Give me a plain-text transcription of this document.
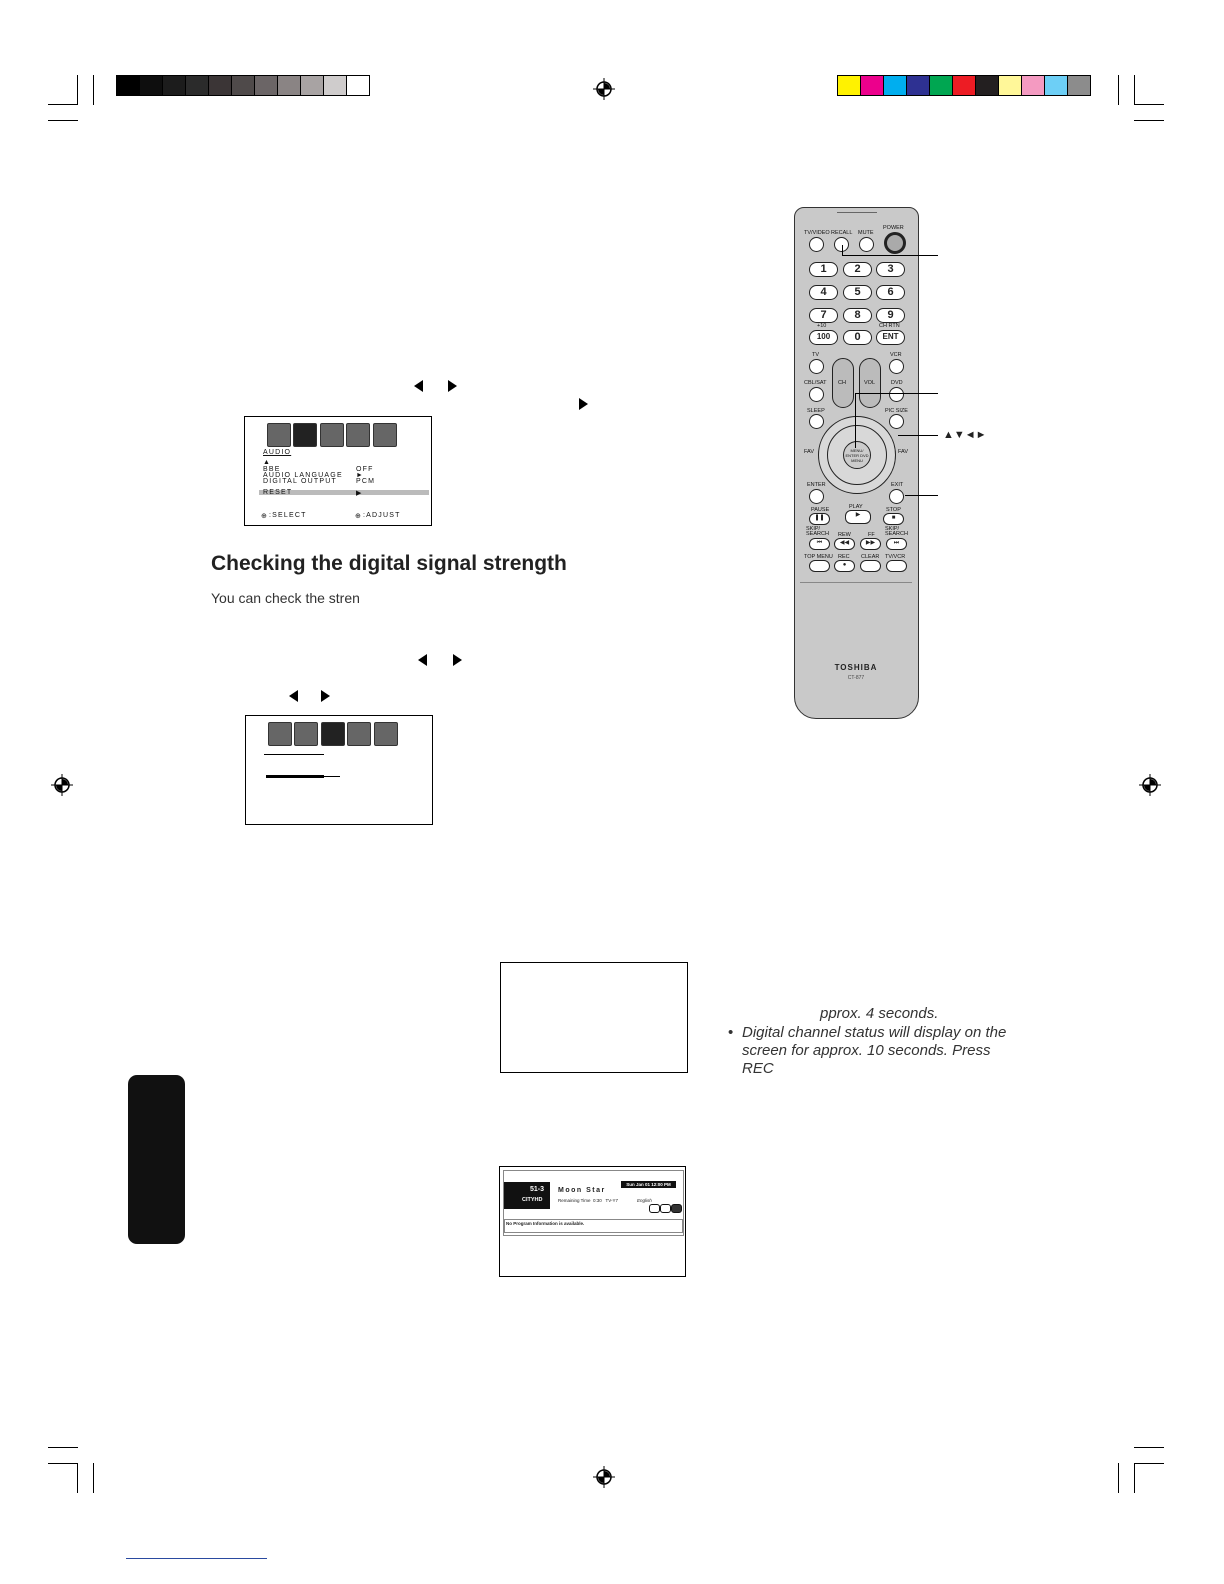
AUDIO
▲
BBE
AUDIO LANGUAGE
DIGITAL OUTPUT
OFF
►
PCM
RESET	▶
:SELECT	:ADJUST
⊕	⊕
Checking the digital signal strength
You can check the stren
51-3
CITYHD
Moon Star
Sun Jan 01 12:00 PM
Remaining Time  0:30   TV-Y7	English
No Program Information is available.
pprox. 4 seconds.
• Digital channel status will display on the
screen for approx. 10 seconds. Press
REC
TV/VIDEO RECALL MUTE
POWER
1	2	3
4	5	6
7	8	9
+10	CH RTN
100	0	ENT
TV	VCR
CH	VOL
CBL/SAT	DVD
SLEEP	PIC SIZE
MENU/ ENTER DVD MENU
FAV	FAV
ENTER	EXIT
PAUSE	PLAY	STOP
❚❚	▶	■
SKIP/ SEARCH REW	FF
SKIP/ SEARCH
⏮	◀◀	▶▶	⏭
TOP MENU REC CLEAR TV/VCR
●
TOSHIBA
CT-877
▲▼◄►
